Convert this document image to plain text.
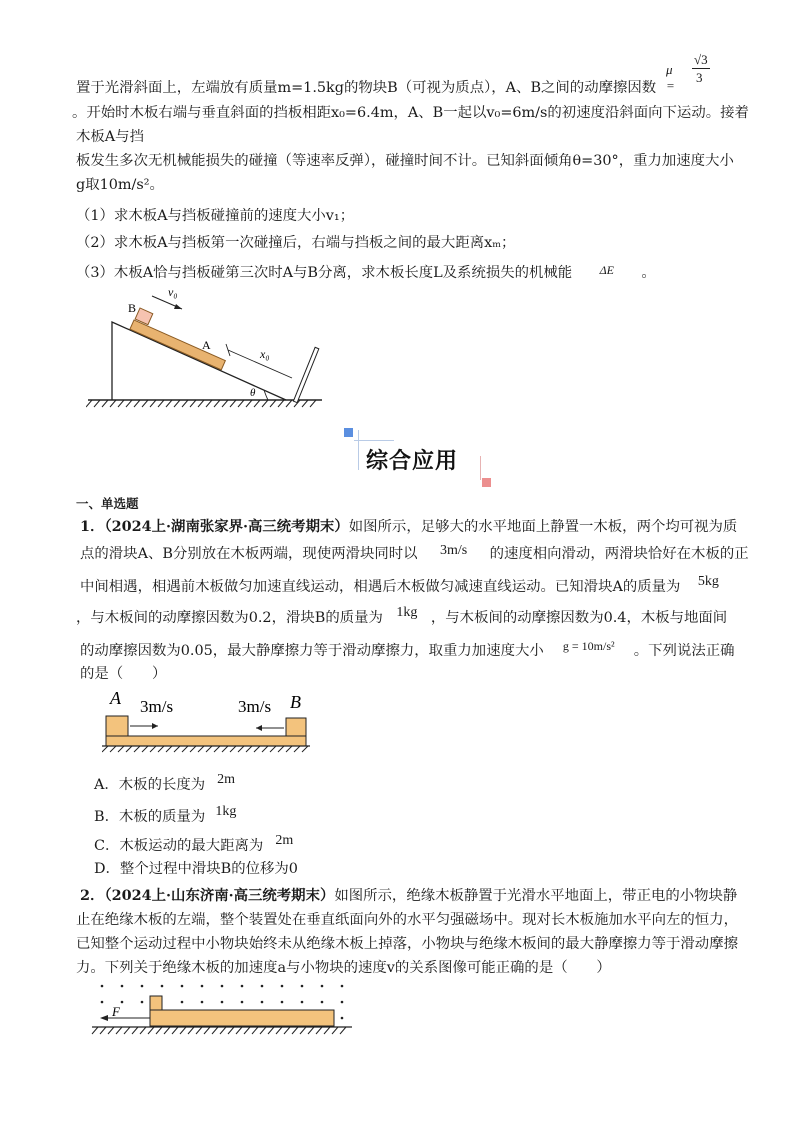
置于光滑斜面上，左端放有质量m=1.5kg的物块B（可视为质点），A、B之间的动摩擦因数
μ =
√3
3
。开始时木板右端与垂直斜面的挡板相距x₀=6.4m，A、B一起以v₀=6m/s的初速度沿斜面向下运动。接着
木板A与挡
板发生多次无机械能损失的碰撞（等速率反弹），碰撞时间不计。已知斜面倾角θ=30°，重力加速度大小
g取10m/s²。
（1）求木板A与挡板碰撞前的速度大小v₁；
（2）求木板A与挡板第一次碰撞后，右端与挡板之间的最大距离xₘ；
（3）木板A恰与挡板碰第三次时A与B分离，求木板长度L及系统损失的机械能 ΔE 。
B
A
v₀
x₀
θ
综合应用
一、单选题
1．（2024上·湖南张家界·高三统考期末）如图所示，足够大的水平地面上静置一木板，两个均可视为质
点的滑块A、B分别放在木板两端，现使两滑块同时以 3m/s 的速度相向滑动，两滑块恰好在木板的正
中间相遇，相遇前木板做匀加速直线运动，相遇后木板做匀减速直线运动。已知滑块A的质量为 5kg
，与木板间的动摩擦因数为0.2，滑块B的质量为 1kg ，与木板间的动摩擦因数为0.4，木板与地面间
的动摩擦因数为0.05，最大静摩擦力等于滑动摩擦力，取重力加速度大小 g = 10m/s² 。下列说法正确
的是（　　）
A	B
3m/s	3m/s
A．木板的长度为 2m
B．木板的质量为 1kg
C．木板运动的最大距离为 2m
D．整个过程中滑块B的位移为0
2．（2024上·山东济南·高三统考期末）如图所示，绝缘木板静置于光滑水平地面上，带正电的小物块静
止在绝缘木板的左端，整个装置处在垂直纸面向外的水平匀强磁场中。现对长木板施加水平向左的恒力，
已知整个运动过程中小物块始终未从绝缘木板上掉落，小物块与绝缘木板间的最大静摩擦力等于滑动摩擦
力。下列关于绝缘木板的加速度a与小物块的速度v的关系图像可能正确的是（　　）
F
